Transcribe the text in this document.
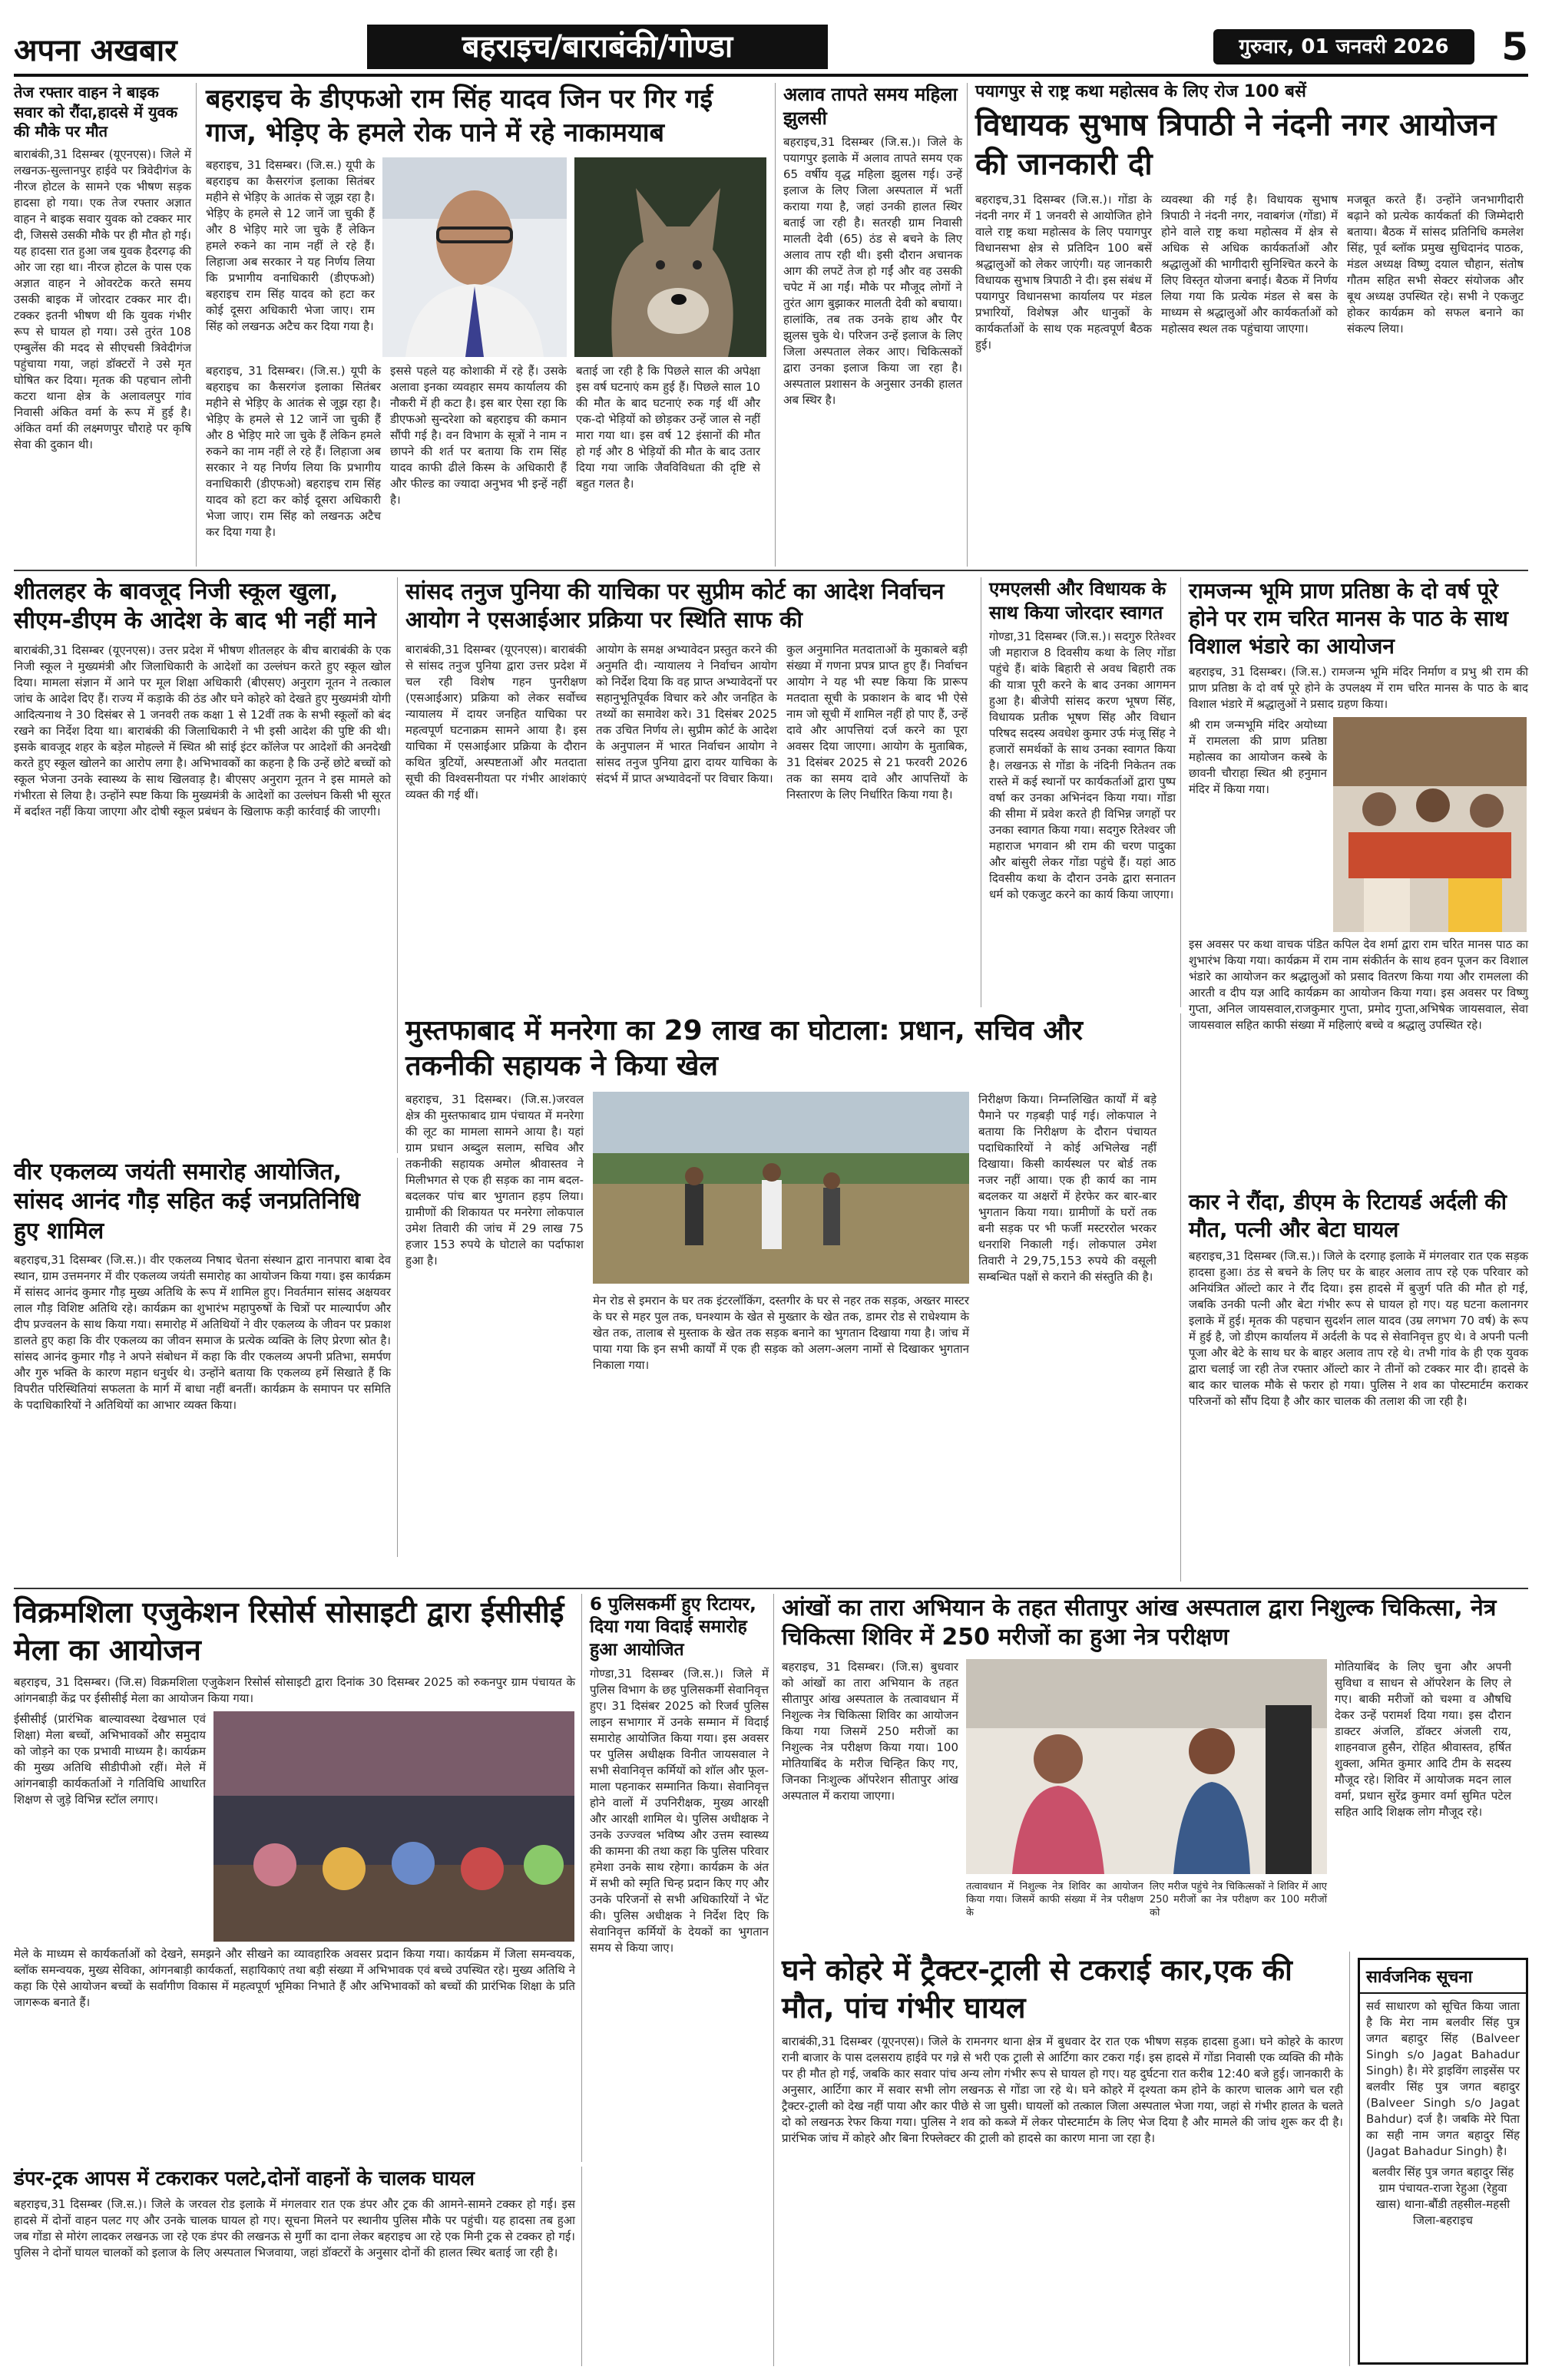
अपना अखबार	बहराइच/बाराबंकी/गोण्डा	गुरुवार, 01 जनवरी 2026	5
तेज रफ्तार वाहन ने बाइक सवार को रौंदा,हादसे में युवक की मौके पर मौत
बाराबंकी,31 दिसम्बर (यूएनएस)। जिले में लखनऊ-सुल्तानपुर हाईवे पर त्रिवेदीगंज के नीरज होटल के सामने एक भीषण सड़क हादसा हो गया। एक तेज रफ्तार अज्ञात वाहन ने बाइक सवार युवक को टक्कर मार दी, जिससे उसकी मौके पर ही मौत हो गई। यह हादसा रात हुआ जब युवक हैदरगढ़ की ओर जा रहा था। नीरज होटल के पास एक अज्ञात वाहन ने ओवरटेक करते समय उसकी बाइक में जोरदार टक्कर मार दी। टक्कर इतनी भीषण थी कि युवक गंभीर रूप से घायल हो गया। उसे तुरंत 108 एम्बुलेंस की मदद से सीएचसी त्रिवेदीगंज पहुंचाया गया, जहां डॉक्टरों ने उसे मृत घोषित कर दिया। मृतक की पहचान लोनी कटरा थाना क्षेत्र के अलावलपुर गांव निवासी अंकित वर्मा के रूप में हुई है। अंकित वर्मा की लक्ष्मणपुर चौराहे पर कृषि सेवा की दुकान थी।
बहराइच के डीएफओ राम सिंह यादव जिन पर गिर गई गाज, भेड़िए के हमले रोक पाने में रहे नाकामयाब
बहराइच, 31 दिसम्बर। (जि.स.) यूपी के बहराइच का कैसरगंज इलाका सितंबर महीने से भेड़िए के आतंक से जूझ रहा है। भेड़िए के हमले से 12 जानें जा चुकी हैं और 8 भेड़िए मारे जा चुके हैं लेकिन हमले रुकने का नाम नहीं ले रहे हैं। लिहाजा अब सरकार ने यह निर्णय लिया कि प्रभागीय वनाधिकारी (डीएफओ) बहराइच राम सिंह यादव को हटा कर कोई दूसरा अधिकारी भेजा जाए। राम सिंह को लखनऊ अटैच कर दिया गया है।
बहराइच, 31 दिसम्बर। (जि.स.) यूपी के बहराइच का कैसरगंज इलाका सितंबर महीने से भेड़िए के आतंक से जूझ रहा है। भेड़िए के हमले से 12 जानें जा चुकी हैं और 8 भेड़िए मारे जा चुके हैं लेकिन हमले रुकने का नाम नहीं ले रहे हैं। लिहाजा अब सरकार ने यह निर्णय लिया कि प्रभागीय वनाधिकारी (डीएफओ) बहराइच राम सिंह यादव को हटा कर कोई दूसरा अधिकारी भेजा जाए। राम सिंह को लखनऊ अटैच कर दिया गया है।
इससे पहले यह कोशाकी में रहे हैं। उसके अलावा इनका व्यवहार समय कार्यालय की नौकरी में ही कटा है। इस बार ऐसा रहा कि डीएफओ सुन्दरेशा को बहराइच की कमान सौंपी गई है। वन विभाग के सूत्रों ने नाम न छापने की शर्त पर बताया कि राम सिंह यादव काफी ढीले किस्म के अधिकारी हैं और फील्ड का ज्यादा अनुभव भी इन्हें नहीं है।
बताई जा रही है कि पिछले साल की अपेक्षा इस वर्ष घटनाएं कम हुई हैं। पिछले साल 10 की मौत के बाद घटनाएं रुक गई थीं और एक-दो भेड़ियों को छोड़कर उन्हें जाल से नहीं मारा गया था। इस वर्ष 12 इंसानों की मौत हो गई और 8 भेड़ियों की मौत के बाद उतार दिया गया जाकि जैवविविधता की दृष्टि से बहुत गलत है।
अलाव तापते समय महिला झुलसी
बहराइच,31 दिसम्बर (जि.स.)। जिले के पयागपुर इलाके में अलाव तापते समय एक 65 वर्षीय वृद्ध महिला झुलस गई। उन्हें इलाज के लिए जिला अस्पताल में भर्ती कराया गया है, जहां उनकी हालत स्थिर बताई जा रही है। सतरही ग्राम निवासी मालती देवी (65) ठंड से बचने के लिए अलाव ताप रही थी। इसी दौरान अचानक आग की लपटें तेज हो गईं और वह उसकी चपेट में आ गईं। मौके पर मौजूद लोगों ने तुरंत आग बुझाकर मालती देवी को बचाया। हालांकि, तब तक उनके हाथ और पैर झुलस चुके थे। परिजन उन्हें इलाज के लिए जिला अस्पताल लेकर आए। चिकित्सकों द्वारा उनका इलाज किया जा रहा है। अस्पताल प्रशासन के अनुसार उनकी हालत अब स्थिर है।
पयागपुर से राष्ट्र कथा महोत्सव के लिए रोज 100 बसें
विधायक सुभाष त्रिपाठी ने नंदनी नगर आयोजन की जानकारी दी
बहराइच,31 दिसम्बर (जि.स.)। गोंडा के नंदनी नगर में 1 जनवरी से आयोजित होने वाले राष्ट्र कथा महोत्सव के लिए पयागपुर विधानसभा क्षेत्र से प्रतिदिन 100 बसें श्रद्धालुओं को लेकर जाएंगी। यह जानकारी विधायक सुभाष त्रिपाठी ने दी। इस संबंध में पयागपुर विधानसभा कार्यालय पर मंडल प्रभारियों, विशेषज्ञ और धानुकों के कार्यकर्ताओं के साथ एक महत्वपूर्ण बैठक हुई।
व्यवस्था की गई है। विधायक सुभाष त्रिपाठी ने नंदनी नगर, नवाबगंज (गोंडा) में होने वाले राष्ट्र कथा महोत्सव में क्षेत्र से अधिक से अधिक कार्यकर्ताओं और श्रद्धालुओं की भागीदारी सुनिश्चित करने के लिए विस्तृत योजना बनाई। बैठक में निर्णय लिया गया कि प्रत्येक मंडल से बस के माध्यम से श्रद्धालुओं और कार्यकर्ताओं को महोत्सव स्थल तक पहुंचाया जाएगा।
मजबूत करते हैं। उन्होंने जनभागीदारी बढ़ाने को प्रत्येक कार्यकर्ता की जिम्मेदारी बताया। बैठक में सांसद प्रतिनिधि कमलेश सिंह, पूर्व ब्लॉक प्रमुख सुधिदानंद पाठक, मंडल अध्यक्ष विष्णु दयाल चौहान, संतोष गौतम सहित सभी सेक्टर संयोजक और बूथ अध्यक्ष उपस्थित रहे। सभी ने एकजुट होकर कार्यक्रम को सफल बनाने का संकल्प लिया।
शीतलहर के बावजूद निजी स्कूल खुला, सीएम-डीएम के आदेश के बाद भी नहीं माने
बाराबंकी,31 दिसम्बर (यूएनएस)। उत्तर प्रदेश में भीषण शीतलहर के बीच बाराबंकी के एक निजी स्कूल ने मुख्यमंत्री और जिलाधिकारी के आदेशों का उल्लंघन करते हुए स्कूल खोल दिया। मामला संज्ञान में आने पर मूल शिक्षा अधिकारी (बीएसए) अनुराग नूतन ने तत्काल जांच के आदेश दिए हैं। राज्य में कड़ाके की ठंड और घने कोहरे को देखते हुए मुख्यमंत्री योगी आदित्यनाथ ने 30 दिसंबर से 1 जनवरी तक कक्षा 1 से 12वीं तक के सभी स्कूलों को बंद रखने का निर्देश दिया था। बाराबंकी की जिलाधिकारी ने भी इसी आदेश की पुष्टि की थी। इसके बावजूद शहर के बड़ेल मोहल्ले में स्थित श्री सांई इंटर कॉलेज पर आदेशों की अनदेखी करते हुए स्कूल खोलने का आरोप लगा है। अभिभावकों का कहना है कि उन्हें छोटे बच्चों को स्कूल भेजना उनके स्वास्थ्य के साथ खिलवाड़ है। बीएसए अनुराग नूतन ने इस मामले को गंभीरता से लिया है। उन्होंने स्पष्ट किया कि मुख्यमंत्री के आदेशों का उल्लंघन किसी भी सूरत में बर्दाश्त नहीं किया जाएगा और दोषी स्कूल प्रबंधन के खिलाफ कड़ी कार्रवाई की जाएगी।
सांसद तनुज पुनिया की याचिका पर सुप्रीम कोर्ट का आदेश निर्वाचन आयोग ने एसआईआर प्रक्रिया पर स्थिति साफ की
बाराबंकी,31 दिसम्बर (यूएनएस)। बाराबंकी से सांसद तनुज पुनिया द्वारा उत्तर प्रदेश में चल रही विशेष गहन पुनरीक्षण (एसआईआर) प्रक्रिया को लेकर सर्वोच्च न्यायालय में दायर जनहित याचिका पर महत्वपूर्ण घटनाक्रम सामने आया है। इस याचिका में एसआईआर प्रक्रिया के दौरान कथित त्रुटियों, अस्पष्टताओं और मतदाता सूची की विश्वसनीयता पर गंभीर आशंकाएं व्यक्त की गई थीं।
आयोग के समक्ष अभ्यावेदन प्रस्तुत करने की अनुमति दी। न्यायालय ने निर्वाचन आयोग को निर्देश दिया कि वह प्राप्त अभ्यावेदनों पर सहानुभूतिपूर्वक विचार करे और जनहित के तथ्यों का समावेश करे। 31 दिसंबर 2025 तक उचित निर्णय ले। सुप्रीम कोर्ट के आदेश के अनुपालन में भारत निर्वाचन आयोग ने सांसद तनुज पुनिया द्वारा दायर याचिका के संदर्भ में प्राप्त अभ्यावेदनों पर विचार किया।
कुल अनुमानित मतदाताओं के मुकाबले बड़ी संख्या में गणना प्रपत्र प्राप्त हुए हैं। निर्वाचन आयोग ने यह भी स्पष्ट किया कि प्रारूप मतदाता सूची के प्रकाशन के बाद भी ऐसे नाम जो सूची में शामिल नहीं हो पाए हैं, उन्हें दावे और आपत्तियां दर्ज करने का पूरा अवसर दिया जाएगा। आयोग के मुताबिक, 31 दिसंबर 2025 से 21 फरवरी 2026 तक का समय दावे और आपत्तियों के निस्तारण के लिए निर्धारित किया गया है।
एमएलसी और विधायक के साथ किया जोरदार स्वागत
गोण्डा,31 दिसम्बर (जि.स.)। सदगुरु रितेश्वर जी महाराज 8 दिवसीय कथा के लिए गोंडा पहुंचे हैं। बांके बिहारी से अवध बिहारी तक की यात्रा पूरी करने के बाद उनका आगमन हुआ है। बीजेपी सांसद करण भूषण सिंह, विधायक प्रतीक भूषण सिंह और विधान परिषद सदस्य अवधेश कुमार उर्फ मंजू सिंह ने हजारों समर्थकों के साथ उनका स्वागत किया है। लखनऊ से गोंडा के नंदिनी निकेतन तक रास्ते में कई स्थानों पर कार्यकर्ताओं द्वारा पुष्प वर्षा कर उनका अभिनंदन किया गया। गोंडा की सीमा में प्रवेश करते ही विभिन्न जगहों पर उनका स्वागत किया गया। सदगुरु रितेश्वर जी महाराज भगवान श्री राम की चरण पादुका और बांसुरी लेकर गोंडा पहुंचे हैं। यहां आठ दिवसीय कथा के दौरान उनके द्वारा सनातन धर्म को एकजुट करने का कार्य किया जाएगा।
रामजन्म भूमि प्राण प्रतिष्ठा के दो वर्ष पूरे होने पर राम चरित मानस के पाठ के साथ विशाल भंडारे का आयोजन
बहराइच, 31 दिसम्बर। (जि.स.) रामजन्म भूमि मंदिर निर्माण व प्रभु श्री राम की प्राण प्रतिष्ठा के दो वर्ष पूरे होने के उपलक्ष्य में राम चरित मानस के पाठ के बाद विशाल भंडारे में श्रद्धालुओं ने प्रसाद ग्रहण किया।
श्री राम जन्मभूमि मंदिर अयोध्या में रामलला की प्राण प्रतिष्ठा महोत्सव का आयोजन कस्बे के छावनी चौराहा स्थित श्री हनुमान मंदिर में किया गया।
इस अवसर पर कथा वाचक पंडित कपिल देव शर्मा द्वारा राम चरित मानस पाठ का शुभारंभ किया गया। कार्यक्रम में राम नाम संकीर्तन के साथ हवन पूजन कर विशाल भंडारे का आयोजन कर श्रद्धालुओं को प्रसाद वितरण किया गया और रामलला की आरती व दीप यज्ञ आदि कार्यक्रम का आयोजन किया गया। इस अवसर पर विष्णु गुप्ता, अनिल जायसवाल,राजकुमार गुप्ता, प्रमोद गुप्ता,अभिषेक जायसवाल, सेवा जायसवाल सहित काफी संख्या में महिलाएं बच्चे व श्रद्धालु उपस्थित रहे।
वीर एकलव्य जयंती समारोह आयोजित, सांसद आनंद गौड़ सहित कई जनप्रतिनिधि हुए शामिल
बहराइच,31 दिसम्बर (जि.स.)। वीर एकलव्य निषाद चेतना संस्थान द्वारा नानपारा बाबा देव स्थान, ग्राम उत्तमनगर में वीर एकलव्य जयंती समारोह का आयोजन किया गया। इस कार्यक्रम में सांसद आनंद कुमार गौड़ मुख्य अतिथि के रूप में शामिल हुए। निवर्तमान सांसद अक्षयवर लाल गौड़ विशिष्ट अतिथि रहे। कार्यक्रम का शुभारंभ महापुरुषों के चित्रों पर माल्यार्पण और दीप प्रज्वलन के साथ किया गया। समारोह में अतिथियों ने वीर एकलव्य के जीवन पर प्रकाश डालते हुए कहा कि वीर एकलव्य का जीवन समाज के प्रत्येक व्यक्ति के लिए प्रेरणा स्रोत है। सांसद आनंद कुमार गौड़ ने अपने संबोधन में कहा कि वीर एकलव्य अपनी प्रतिभा, समर्पण और गुरु भक्ति के कारण महान धनुर्धर थे। उन्होंने बताया कि एकलव्य हमें सिखाते हैं कि विपरीत परिस्थितियां सफलता के मार्ग में बाधा नहीं बनतीं। कार्यक्रम के समापन पर समिति के पदाधिकारियों ने अतिथियों का आभार व्यक्त किया।
मुस्तफाबाद में मनरेगा का 29 लाख का घोटाला: प्रधान, सचिव और तकनीकी सहायक ने किया खेल
बहराइच, 31 दिसम्बर। (जि.स.)जरवल क्षेत्र की मुस्तफाबाद ग्राम पंचायत में मनरेगा की लूट का मामला सामने आया है। यहां ग्राम प्रधान अब्दुल सलाम, सचिव और तकनीकी सहायक अमोल श्रीवास्तव ने मिलीभगत से एक ही सड़क का नाम बदल-बदलकर पांच बार भुगतान हड़प लिया। ग्रामीणों की शिकायत पर मनरेगा लोकपाल उमेश तिवारी की जांच में 29 लाख 75 हजार 153 रुपये के घोटाले का पर्दाफाश हुआ है।
मेन रोड से इमरान के घर तक इंटरलॉकिंग, दस्तगीर के घर से नहर तक सड़क, अख्तर मास्टर के घर से महर पुल तक, घनश्याम के खेत से मुख्तार के खेत तक, डामर रोड से राधेश्याम के खेत तक, तालाब से मुस्ताक के खेत तक सड़क बनाने का भुगतान दिखाया गया है। जांच में पाया गया कि इन सभी कार्यों में एक ही सड़क को अलग-अलग नामों से दिखाकर भुगतान निकाला गया।
निरीक्षण किया। निम्नलिखित कार्यों में बड़े पैमाने पर गड़बड़ी पाई गई। लोकपाल ने बताया कि निरीक्षण के दौरान पंचायत पदाधिकारियों ने कोई अभिलेख नहीं दिखाया। किसी कार्यस्थल पर बोर्ड तक नजर नहीं आया। एक ही कार्य का नाम बदलकर या अक्षरों में हेरफेर कर बार-बार भुगतान किया गया। ग्रामीणों के घरों तक बनी सड़क पर भी फर्जी मस्टररोल भरकर धनराशि निकाली गई। लोकपाल उमेश तिवारी ने 29,75,153 रुपये की वसूली सम्बन्धित पक्षों से कराने की संस्तुति की है।
कार ने रौंदा, डीएम के रिटायर्ड अर्दली की मौत, पत्नी और बेटा घायल
बहराइच,31 दिसम्बर (जि.स.)। जिले के दरगाह इलाके में मंगलवार रात एक सड़क हादसा हुआ। ठंड से बचने के लिए घर के बाहर अलाव ताप रहे एक परिवार को अनियंत्रित ऑल्टो कार ने रौंद दिया। इस हादसे में बुजुर्ग पति की मौत हो गई, जबकि उनकी पत्नी और बेटा गंभीर रूप से घायल हो गए। यह घटना कलानगर इलाके में हुई। मृतक की पहचान सुदर्शन लाल यादव (उम्र लगभग 70 वर्ष) के रूप में हुई है, जो डीएम कार्यालय में अर्दली के पद से सेवानिवृत्त हुए थे। वे अपनी पत्नी पूजा और बेटे के साथ घर के बाहर अलाव ताप रहे थे। तभी गांव के ही एक युवक द्वारा चलाई जा रही तेज रफ्तार ऑल्टो कार ने तीनों को टक्कर मार दी। हादसे के बाद कार चालक मौके से फरार हो गया। पुलिस ने शव का पोस्टमार्टम कराकर परिजनों को सौंप दिया है और कार चालक की तलाश की जा रही है।
विक्रमशिला एजुकेशन रिसोर्स सोसाइटी द्वारा ईसीसीई मेला का आयोजन
बहराइच, 31 दिसम्बर। (जि.स) विक्रमशिला एजुकेशन रिसोर्स सोसाइटी द्वारा दिनांक 30 दिसम्बर 2025 को रुकनपुर ग्राम पंचायत के आंगनबाड़ी केंद्र पर ईसीसीई मेला का आयोजन किया गया।
ईसीसीई (प्रारंभिक बाल्यावस्था देखभाल एवं शिक्षा) मेला बच्चों, अभिभावकों और समुदाय को जोड़ने का एक प्रभावी माध्यम है। कार्यक्रम की मुख्य अतिथि सीडीपीओ रहीं। मेले में आंगनबाड़ी कार्यकर्ताओं ने गतिविधि आधारित शिक्षण से जुड़े विभिन्न स्टॉल लगाए।
मेले के माध्यम से कार्यकर्ताओं को देखने, समझने और सीखने का व्यावहारिक अवसर प्रदान किया गया। कार्यक्रम में जिला समन्वयक, ब्लॉक समन्वयक, मुख्य सेविका, आंगनबाड़ी कार्यकर्ता, सहायिकाएं तथा बड़ी संख्या में अभिभावक एवं बच्चे उपस्थित रहे। मुख्य अतिथि ने कहा कि ऐसे आयोजन बच्चों के सर्वांगीण विकास में महत्वपूर्ण भूमिका निभाते हैं और अभिभावकों को बच्चों की प्रारंभिक शिक्षा के प्रति जागरूक बनाते हैं।
डंपर-ट्रक आपस में टकराकर पलटे,दोनों वाहनों के चालक घायल
बहराइच,31 दिसम्बर (जि.स.)। जिले के जरवल रोड इलाके में मंगलवार रात एक डंपर और ट्रक की आमने-सामने टक्कर हो गई। इस हादसे में दोनों वाहन पलट गए और उनके चालक घायल हो गए। सूचना मिलने पर स्थानीय पुलिस मौके पर पहुंची। यह हादसा तब हुआ जब गोंडा से मोरंग लादकर लखनऊ जा रहे एक डंपर की लखनऊ से मुर्गी का दाना लेकर बहराइच आ रहे एक मिनी ट्रक से टक्कर हो गई। पुलिस ने दोनों घायल चालकों को इलाज के लिए अस्पताल भिजवाया, जहां डॉक्टरों के अनुसार दोनों की हालत स्थिर बताई जा रही है।
6 पुलिसकर्मी हुए रिटायर, दिया गया विदाई समारोह हुआ आयोजित
गोण्डा,31 दिसम्बर (जि.स.)। जिले में पुलिस विभाग के छह पुलिसकर्मी सेवानिवृत्त हुए। 31 दिसंबर 2025 को रिजर्व पुलिस लाइन सभागार में उनके सम्मान में विदाई समारोह आयोजित किया गया। इस अवसर पर पुलिस अधीक्षक विनीत जायसवाल ने सभी सेवानिवृत्त कर्मियों को शॉल और फूल-माला पहनाकर सम्मानित किया। सेवानिवृत्त होने वालों में उपनिरीक्षक, मुख्य आरक्षी और आरक्षी शामिल थे। पुलिस अधीक्षक ने उनके उज्ज्वल भविष्य और उत्तम स्वास्थ्य की कामना की तथा कहा कि पुलिस परिवार हमेशा उनके साथ रहेगा। कार्यक्रम के अंत में सभी को स्मृति चिन्ह प्रदान किए गए और उनके परिजनों से सभी अधिकारियों ने भेंट की। पुलिस अधीक्षक ने निर्देश दिए कि सेवानिवृत्त कर्मियों के देयकों का भुगतान समय से किया जाए।
आंखों का तारा अभियान के तहत सीतापुर आंख अस्पताल द्वारा निशुल्क चिकित्सा, नेत्र चिकित्सा शिविर में 250 मरीजों का हुआ नेत्र परीक्षण
बहराइच, 31 दिसम्बर। (जि.स) बुधवार को आंखों का तारा अभियान के तहत सीतापुर आंख अस्पताल के तत्वावधान में निशुल्क नेत्र चिकित्सा शिविर का आयोजन किया गया जिसमें 250 मरीजों का निशुल्क नेत्र परीक्षण किया गया। 100 मोतियाबिंद के मरीज चिन्हित किए गए, जिनका निःशुल्क ऑपरेशन सीतापुर आंख अस्पताल में कराया जाएगा।
तत्वावधान में निशुल्क नेत्र शिविर का आयोजन किया गया। जिसमें काफी संख्या में नेत्र परीक्षण के
लिए मरीज पहुंचे नेत्र चिकित्सकों ने शिविर में आए 250 मरीजों का नेत्र परीक्षण कर 100 मरीजों को
मोतियाबिंद के लिए चुना और अपनी सुविधा व साधन से ऑपरेशन के लिए ले गए। बाकी मरीजों को चश्मा व औषधि देकर उन्हें परामर्श दिया गया। इस दौरान डाक्टर अंजलि, डॉक्टर अंजली राय, शाहनवाज हुसैन, रोहित श्रीवास्तव, हर्षित शुक्ला, अमित कुमार आदि टीम के सदस्य मौजूद रहे। शिविर में आयोजक मदन लाल वर्मा, प्रधान सुरेंद्र कुमार वर्मा सुमित पटेल सहित आदि शिक्षक लोग मौजूद रहे।
घने कोहरे में ट्रैक्टर-ट्राली से टकराई कार,एक की मौत, पांच गंभीर घायल
बाराबंकी,31 दिसम्बर (यूएनएस)। जिले के रामनगर थाना क्षेत्र में बुधवार देर रात एक भीषण सड़क हादसा हुआ। घने कोहरे के कारण रानी बाजार के पास दलसराय हाईवे पर गन्ने से भरी एक ट्राली से आर्टिगा कार टकरा गई। इस हादसे में गोंडा निवासी एक व्यक्ति की मौके पर ही मौत हो गई, जबकि कार सवार पांच अन्य लोग गंभीर रूप से घायल हो गए। यह दुर्घटना रात करीब 12:40 बजे हुई। जानकारी के अनुसार, आर्टिगा कार में सवार सभी लोग लखनऊ से गोंडा जा रहे थे। घने कोहरे में दृश्यता कम होने के कारण चालक आगे चल रही ट्रैक्टर-ट्राली को देख नहीं पाया और कार पीछे से जा घुसी। घायलों को तत्काल जिला अस्पताल भेजा गया, जहां से गंभीर हालत के चलते दो को लखनऊ रेफर किया गया। पुलिस ने शव को कब्जे में लेकर पोस्टमार्टम के लिए भेज दिया है और मामले की जांच शुरू कर दी है। प्रारंभिक जांच में कोहरे और बिना रिफ्लेक्टर की ट्राली को हादसे का कारण माना जा रहा है।
सार्वजनिक सूचना
सर्व साधारण को सूचित किया जाता है कि मेरा नाम बलवीर सिंह पुत्र जगत बहादुर सिंह (Balveer Singh s/o Jagat Bahadur Singh) है। मेरे ड्राइविंग लाइसेंस पर बलवीर सिंह पुत्र जगत बहादुर (Balveer Singh s/o Jagat Bahdur) दर्ज है। जबकि मेरे पिता का सही नाम जगत बहादुर सिंह (Jagat Bahadur Singh) है।
बलवीर सिंह पुत्र जगत बहादुर सिंह ग्राम पंचायत-राजा रेहुआ (रेहुवा खास) थाना-बौंडी तहसील-महसी जिला-बहराइच
